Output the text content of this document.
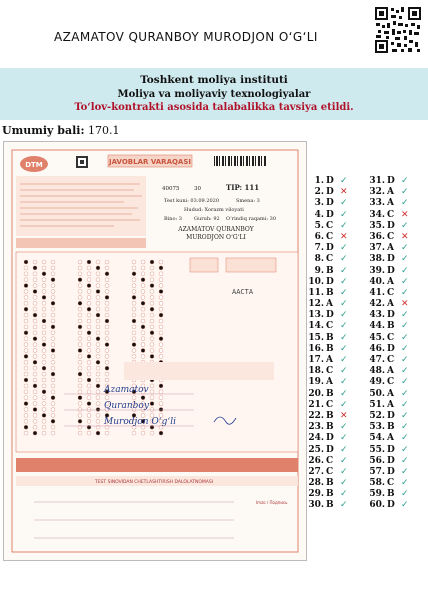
AZAMATOV QURANBOY MURODJON O‘G‘LI
Toshkent moliya instituti
Moliya va moliyaviy texnologiyalar
To‘lov-kontrakti asosida talabalikka tavsiya etildi.
Umumiy bali: 170.1
DTM	JAVOBLAR VARAQASI
40075	30	TIP: 111
Test kuni: 03.09.2020	Smena: 3
Hudud: Xorazm viloyati
Bino: 3 Guruh: 92 O‘rindiq raqami: 30
AZAMATOV QURANBOY
MURODJON O‘G‘LI
AACTA
Azamatov
Quranboy
Murodjon O‘g‘li
TEST SINOVIDAN CHETLASHTIRISH DALOLATNOMASI
Imzo / Подпись
1. D ✓
2. D ✕
3. D ✓
4. D ✓
5. C ✓
6. C ✕
7. D ✓
8. C ✓
9. B ✓
10. D ✓
11. B ✓
12. A ✓
13. D ✓
14. C ✓
15. B ✓
16. B ✓
17. A ✓
18. C ✓
19. A ✓
20. B ✓
21. C ✓
22. B ✕
23. B ✓
24. D ✓
25. D ✓
26. C ✓
27. C ✓
28. B ✓
29. B ✓
30. B ✓
31. D ✓
32. A ✓
33. A ✓
34. C ✕
35. D ✓
36. C ✕
37. A ✓
38. D ✓
39. D ✓
40. A ✓
41. C ✓
42. A ✕
43. D ✓
44. B ✓
45. C ✓
46. D ✓
47. C ✓
48. A ✓
49. C ✓
50. A ✓
51. A ✓
52. D ✓
53. B ✓
54. A ✓
55. D ✓
56. D ✓
57. D ✓
58. C ✓
59. B ✓
60. D ✓
